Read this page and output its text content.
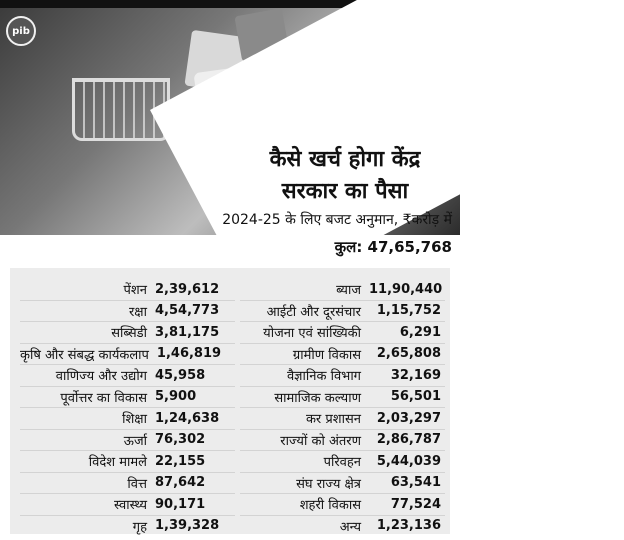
pib
कैसे खर्च होगा केंद्र
सरकार का पैसा
2024-25 के लिए बजट अनुमान, ₹करोड़ में
कुल: 47,65,768
पेंशन 2,39,612
रक्षा 4,54,773
सब्सिडी 3,81,175
कृषि और संबद्ध कार्यकलाप 1,46,819
वाणिज्य और उद्योग 45,958
पूर्वोत्तर का विकास 5,900
शिक्षा 1,24,638
ऊर्जा 76,302
विदेश मामले 22,155
वित्त 87,642
स्वास्थ्य 90,171
गृह 1,39,328
ब्याज 11,90,440
आईटी और दूरसंचार	1,15,752
योजना एवं सांख्यिकी	6,291
ग्रामीण विकास	2,65,808
वैज्ञानिक विभाग	32,169
सामाजिक कल्याण	56,501
कर प्रशासन	2,03,297
राज्यों को अंतरण	2,86,787
परिवहन	5,44,039
संघ राज्य क्षेत्र	63,541
शहरी विकास	77,524
अन्य	1,23,136
